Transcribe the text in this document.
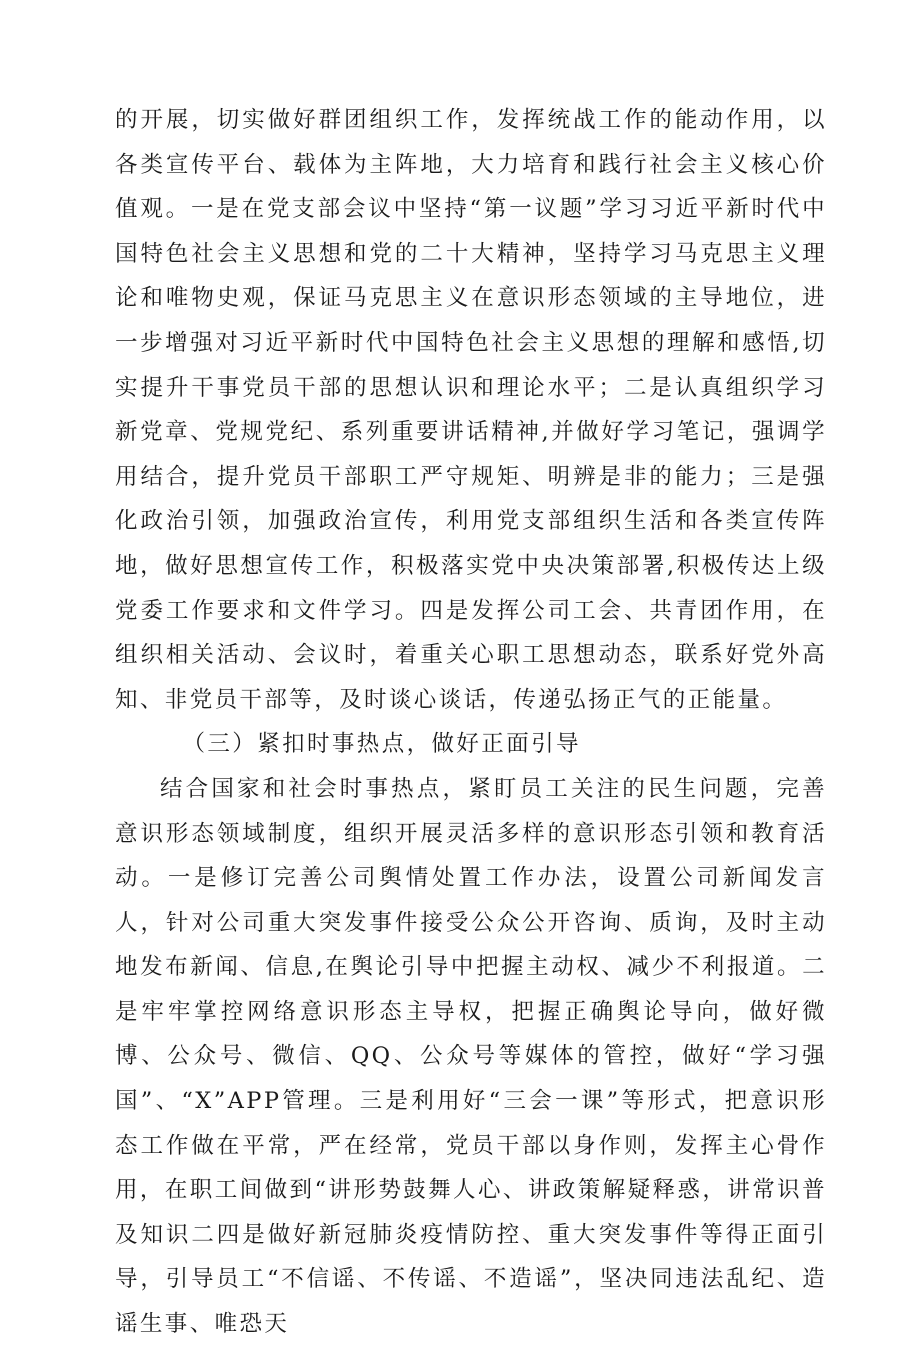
的开展，切实做好群团组织工作，发挥统战工作的能动作用，以各类宣传平台、载体为主阵地，大力培育和践行社会主义核心价值观。一是在党支部会议中坚持“第一议题”学习习近平新时代中国特色社会主义思想和党的二十大精神，坚持学习马克思主义理论和唯物史观，保证马克思主义在意识形态领域的主导地位，进一步增强对习近平新时代中国特色社会主义思想的理解和感悟,切实提升干事党员干部的思想认识和理论水平；二是认真组织学习新党章、党规党纪、系列重要讲话精神,并做好学习笔记，强调学用结合，提升党员干部职工严守规矩、明辨是非的能力；三是强化政治引领，加强政治宣传，利用党支部组织生活和各类宣传阵地，做好思想宣传工作，积极落实党中央决策部署,积极传达上级党委工作要求和文件学习。四是发挥公司工会、共青团作用，在组织相关活动、会议时，着重关心职工思想动态，联系好党外高知、非党员干部等，及时谈心谈话，传递弘扬正气的正能量。

（三）紧扣时事热点，做好正面引导

结合国家和社会时事热点，紧盯员工关注的民生问题，完善意识形态领域制度，组织开展灵活多样的意识形态引领和教育活动。一是修订完善公司舆情处置工作办法，设置公司新闻发言人，针对公司重大突发事件接受公众公开咨询、质询，及时主动地发布新闻、信息,在舆论引导中把握主动权、减少不利报道。二是牢牢掌控网络意识形态主导权，把握正确舆论导向，做好微博、公众号、微信、QQ、公众号等媒体的管控，做好“学习强国”、“X”APP管理。三是利用好“三会一课”等形式，把意识形态工作做在平常，严在经常，党员干部以身作则，发挥主心骨作用，在职工间做到“讲形势鼓舞人心、讲政策解疑释惑，讲常识普及知识二四是做好新冠肺炎疫情防控、重大突发事件等得正面引导，引导员工“不信谣、不传谣、不造谣”，坚决同违法乱纪、造谣生事、唯恐天
